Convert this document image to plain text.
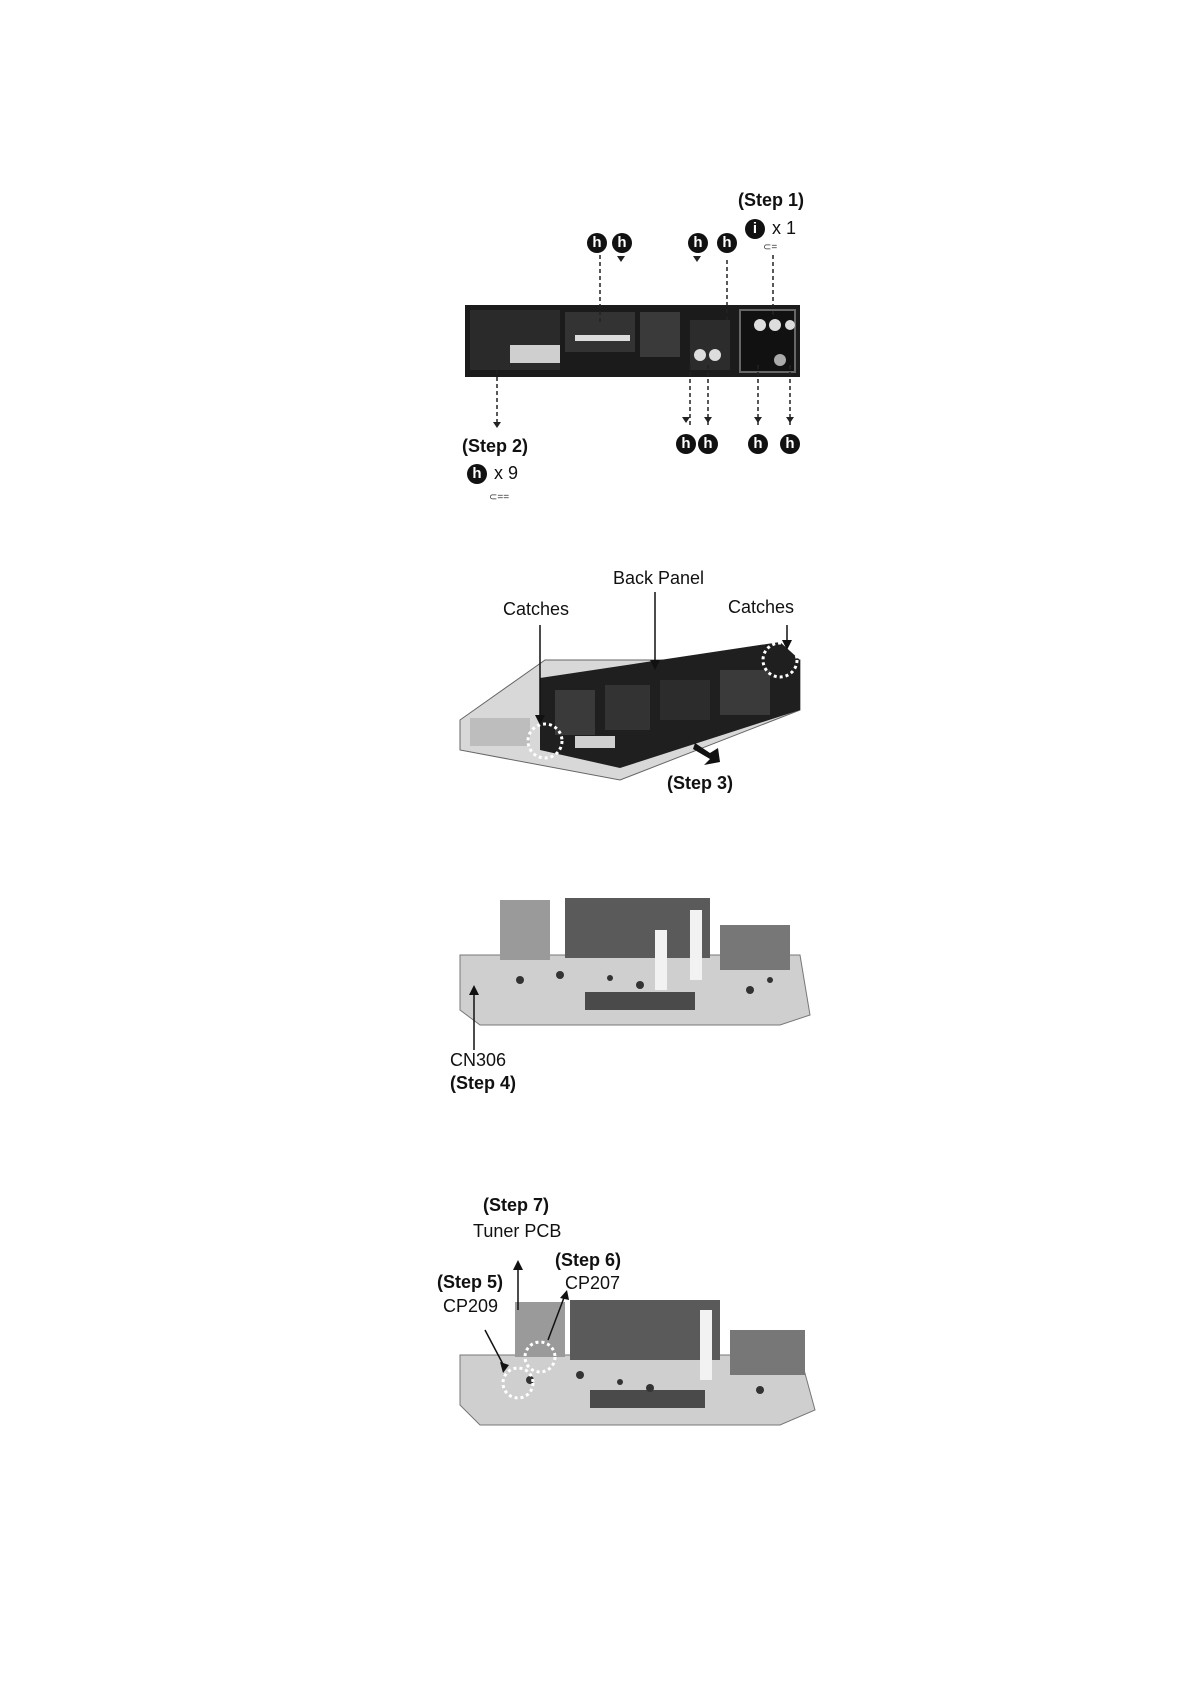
⊂=
⊂==
(Step 1)
i x 1
h	h	h	h
h h	h	h
(Step 2)
h x 9
Back Panel
Catches	Catches
(Step 3)
CN306
(Step 4)
(Step 7)
Tuner PCB
(Step 6)
CP207
(Step 5)
CP209
